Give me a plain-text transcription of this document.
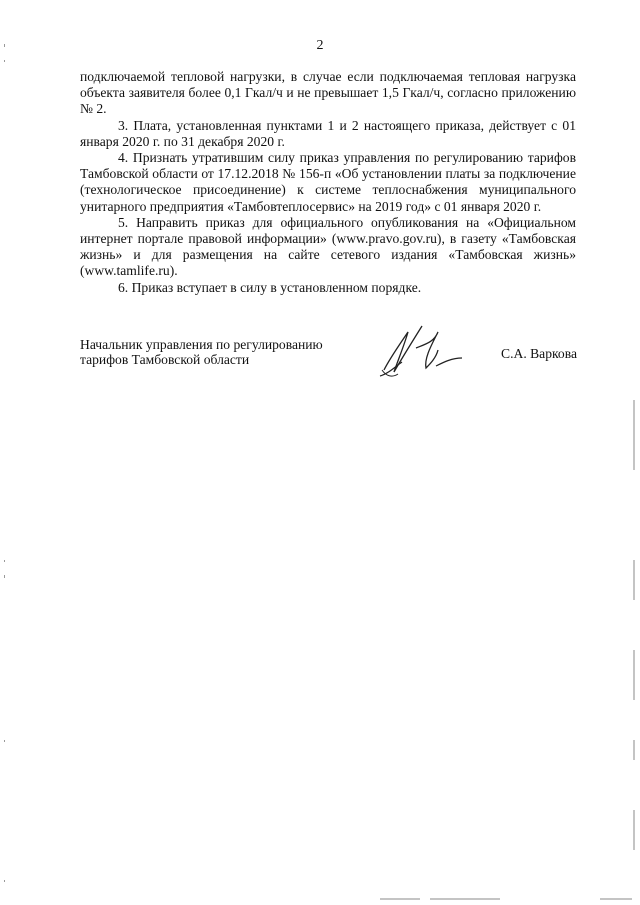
2

подключаемой тепловой нагрузки, в случае если подключаемая тепловая нагрузка объекта заявителя более 0,1 Гкал/ч и не превышает 1,5 Гкал/ч, согласно приложению № 2.

3. Плата, установленная пунктами 1 и 2 настоящего приказа, действует с 01 января 2020 г. по 31 декабря 2020 г.

4. Признать утратившим силу приказ управления по регулированию тарифов Тамбовской области от 17.12.2018 № 156-п «Об установлении платы за подключение (технологическое присоединение) к системе теплоснабжения муниципального унитарного предприятия «Тамбовтеплосервис» на 2019 год» с 01 января 2020 г.

5. Направить приказ для официального опубликования на «Официальном интернет портале правовой информации» (www.pravo.gov.ru), в газету «Тамбовская жизнь» и для размещения на сайте сетевого издания «Тамбовская жизнь» (www.tamlife.ru).

6. Приказ вступает в силу в установленном порядке.

Начальник управления по регулированию
тарифов Тамбовской области	С.А. Варкова
